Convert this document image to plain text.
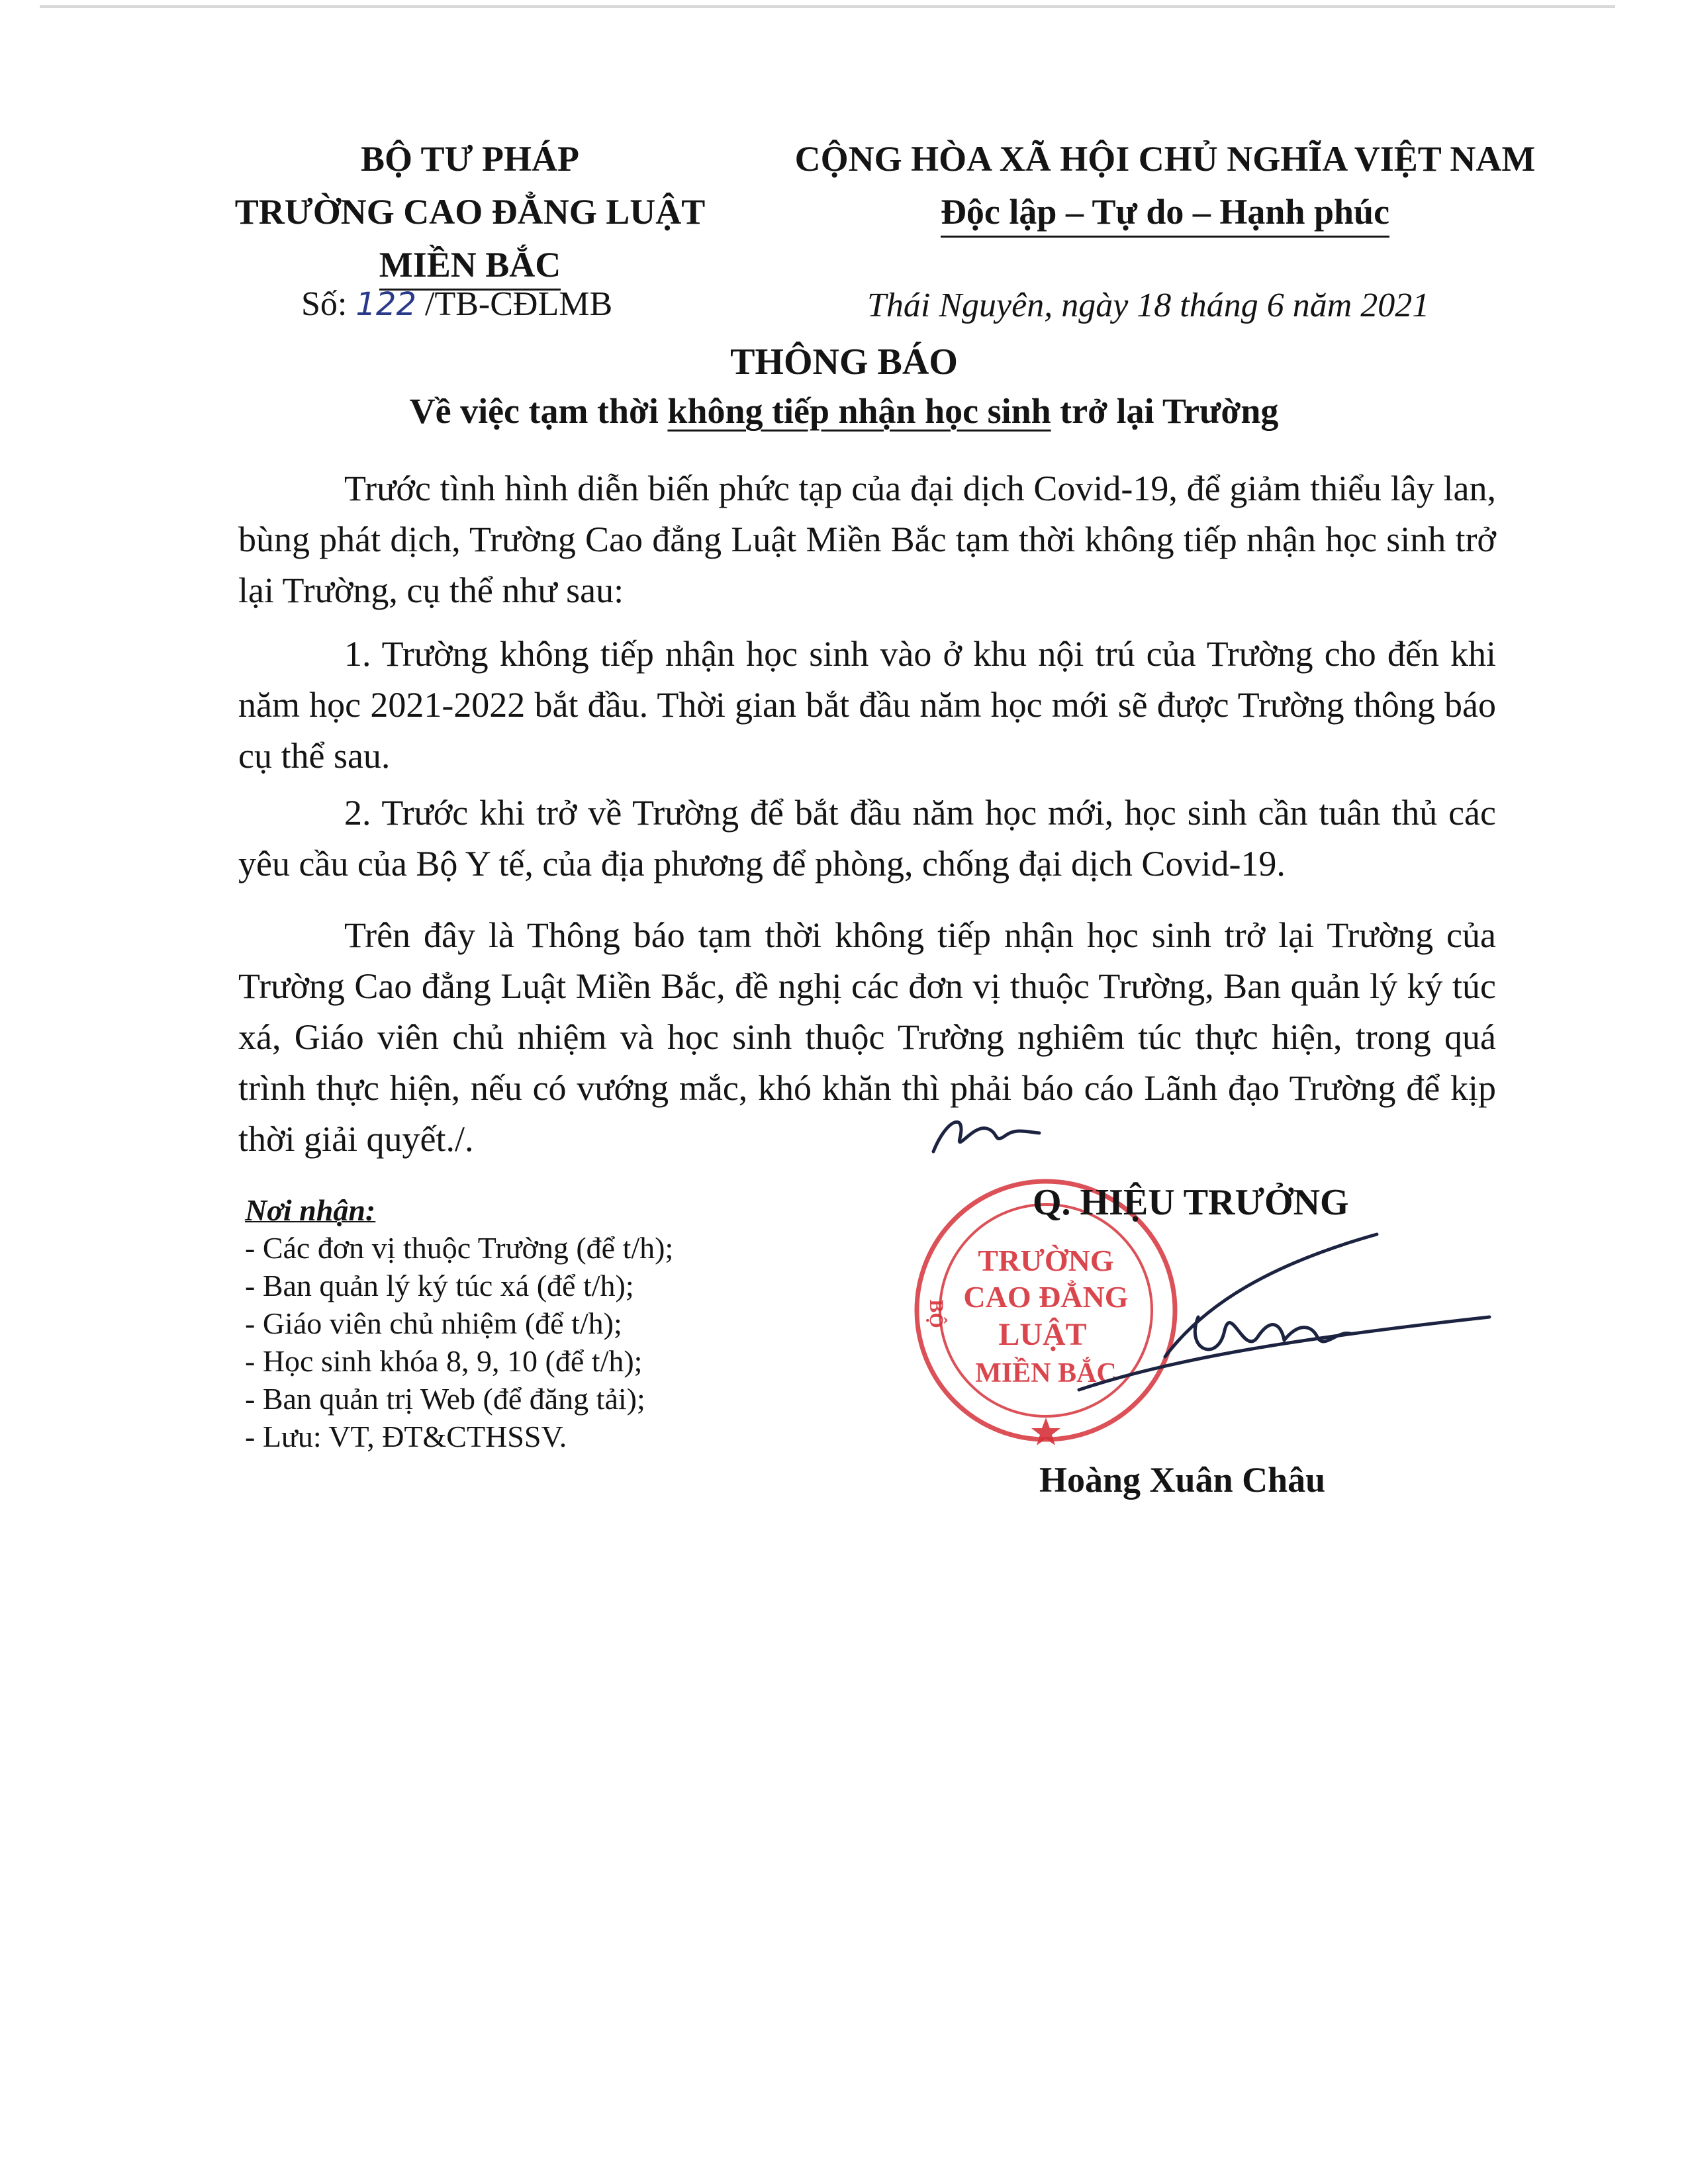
BỘ TƯ PHÁP
TRƯỜNG CAO ĐẲNG LUẬT
MIỀN BẮC
Số: 122 /TB-CĐLMB
CỘNG HÒA XÃ HỘI CHỦ NGHĨA VIỆT NAM
Độc lập – Tự do – Hạnh phúc
Thái Nguyên, ngày 18 tháng 6 năm 2021
THÔNG BÁO
Về việc tạm thời không tiếp nhận học sinh trở lại Trường
Trước tình hình diễn biến phức tạp của đại dịch Covid-19, để giảm thiểu lây lan, bùng phát dịch, Trường Cao đẳng Luật Miền Bắc tạm thời không tiếp nhận học sinh trở lại Trường, cụ thể như sau:
1. Trường không tiếp nhận học sinh vào ở khu nội trú của Trường cho đến khi năm học 2021-2022 bắt đầu. Thời gian bắt đầu năm học mới sẽ được Trường thông báo cụ thể sau.
2. Trước khi trở về Trường để bắt đầu năm học mới, học sinh cần tuân thủ các yêu cầu của Bộ Y tế, của địa phương để phòng, chống đại dịch Covid-19.
Trên đây là Thông báo tạm thời không tiếp nhận học sinh trở lại Trường của Trường Cao đẳng Luật Miền Bắc, đề nghị các đơn vị thuộc Trường, Ban quản lý ký túc xá, Giáo viên chủ nhiệm và học sinh thuộc Trường nghiêm túc thực hiện, trong quá trình thực hiện, nếu có vướng mắc, khó khăn thì phải báo cáo Lãnh đạo Trường để kịp thời giải quyết./.
Nơi nhận:
- Các đơn vị thuộc Trường (để t/h);
- Ban quản lý ký túc xá (để t/h);
- Giáo viên chủ nhiệm (để t/h);
- Học sinh khóa 8, 9, 10 (để t/h);
- Ban quản trị Web (để đăng tải);
- Lưu: VT, ĐT&CTHSSV.
TRƯỜNG
CAO ĐẲNG
LUẬT
MIỀN BẮC
BỘ
Q. HIỆU TRƯỞNG
Hoàng Xuân Châu
